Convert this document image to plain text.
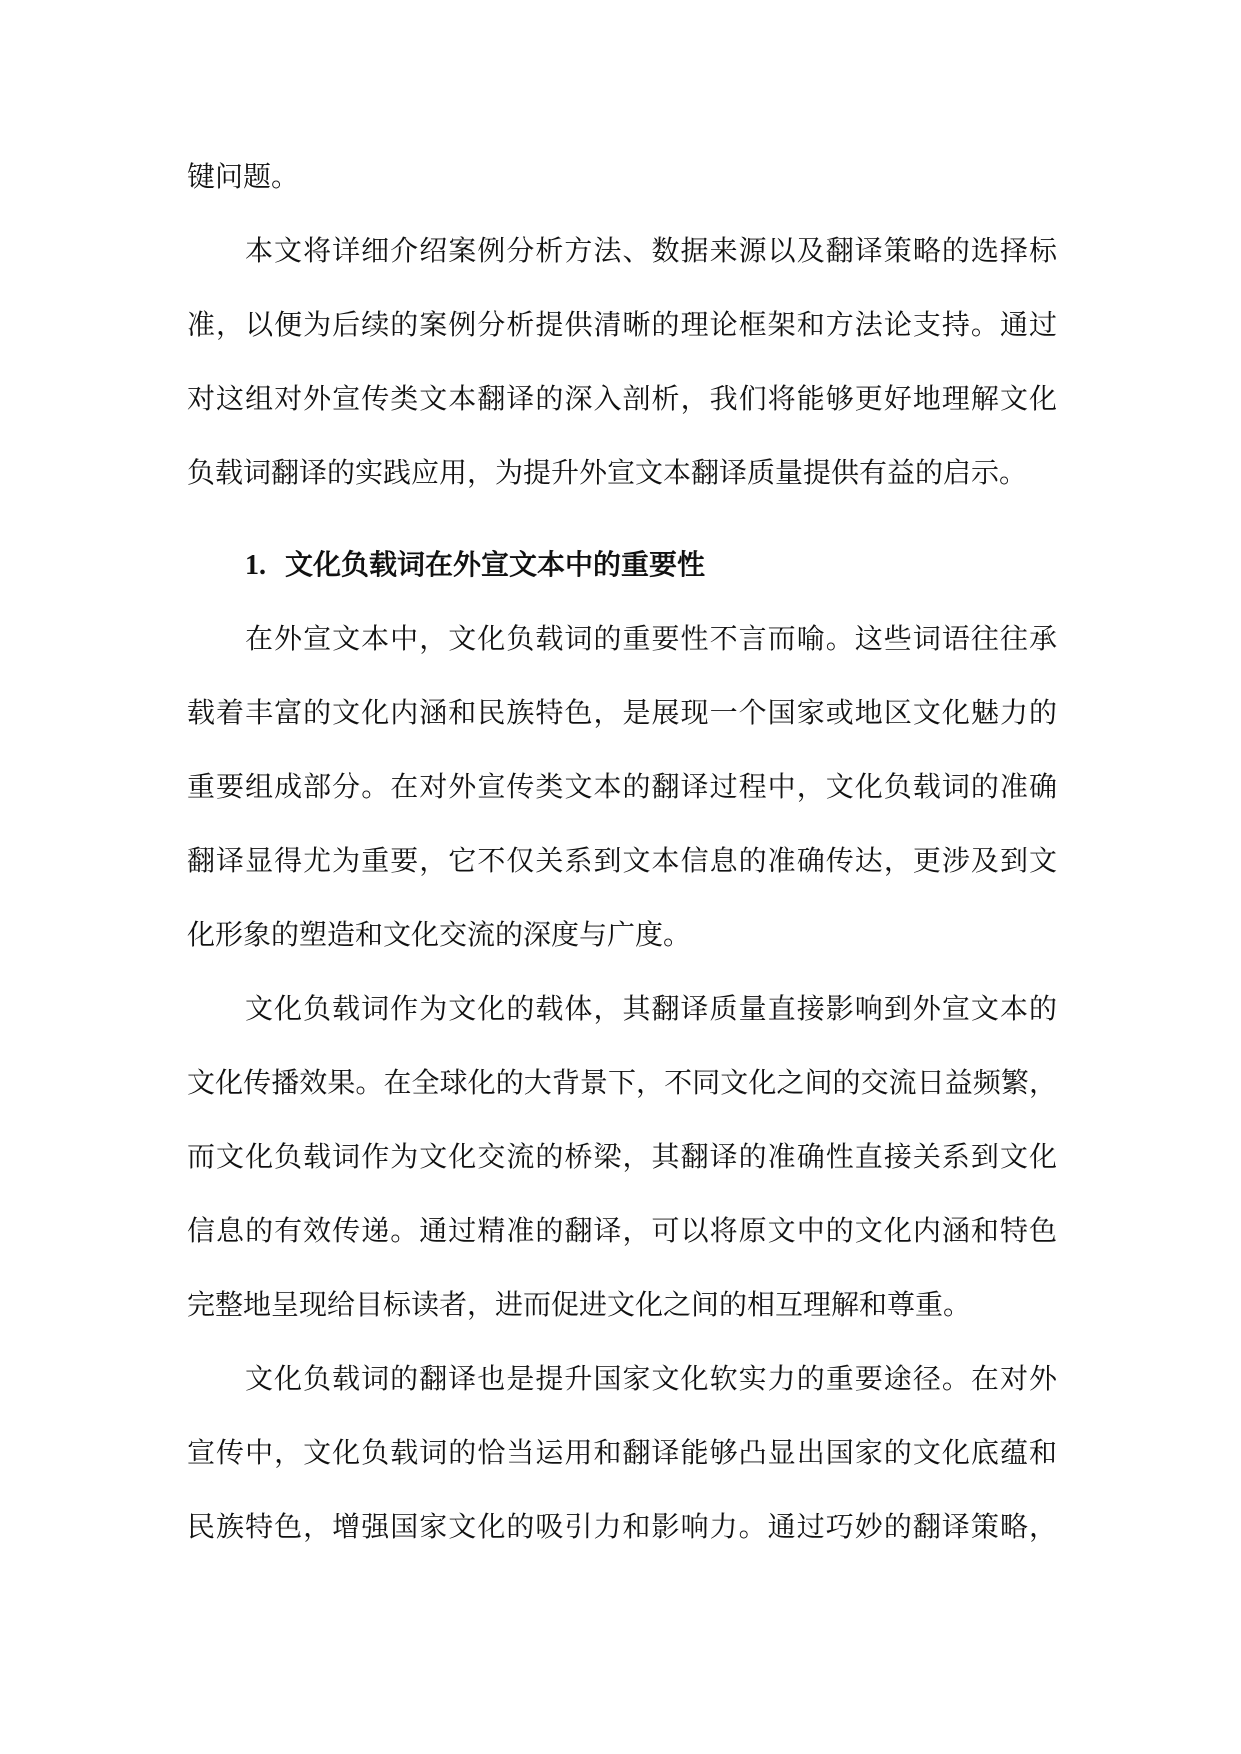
键问题。
本文将详细介绍案例分析方法、数据来源以及翻译策略的选择标
准，以便为后续的案例分析提供清晰的理论框架和方法论支持。通过
对这组对外宣传类文本翻译的深入剖析，我们将能够更好地理解文化
负载词翻译的实践应用，为提升外宣文本翻译质量提供有益的启示。
1. 文化负载词在外宣文本中的重要性
在外宣文本中，文化负载词的重要性不言而喻。这些词语往往承
载着丰富的文化内涵和民族特色，是展现一个国家或地区文化魅力的
重要组成部分。在对外宣传类文本的翻译过程中，文化负载词的准确
翻译显得尤为重要，它不仅关系到文本信息的准确传达，更涉及到文
化形象的塑造和文化交流的深度与广度。
文化负载词作为文化的载体，其翻译质量直接影响到外宣文本的
文化传播效果。在全球化的大背景下，不同文化之间的交流日益频繁，
而文化负载词作为文化交流的桥梁，其翻译的准确性直接关系到文化
信息的有效传递。通过精准的翻译，可以将原文中的文化内涵和特色
完整地呈现给目标读者，进而促进文化之间的相互理解和尊重。
文化负载词的翻译也是提升国家文化软实力的重要途径。在对外
宣传中，文化负载词的恰当运用和翻译能够凸显出国家的文化底蕴和
民族特色，增强国家文化的吸引力和影响力。通过巧妙的翻译策略，
